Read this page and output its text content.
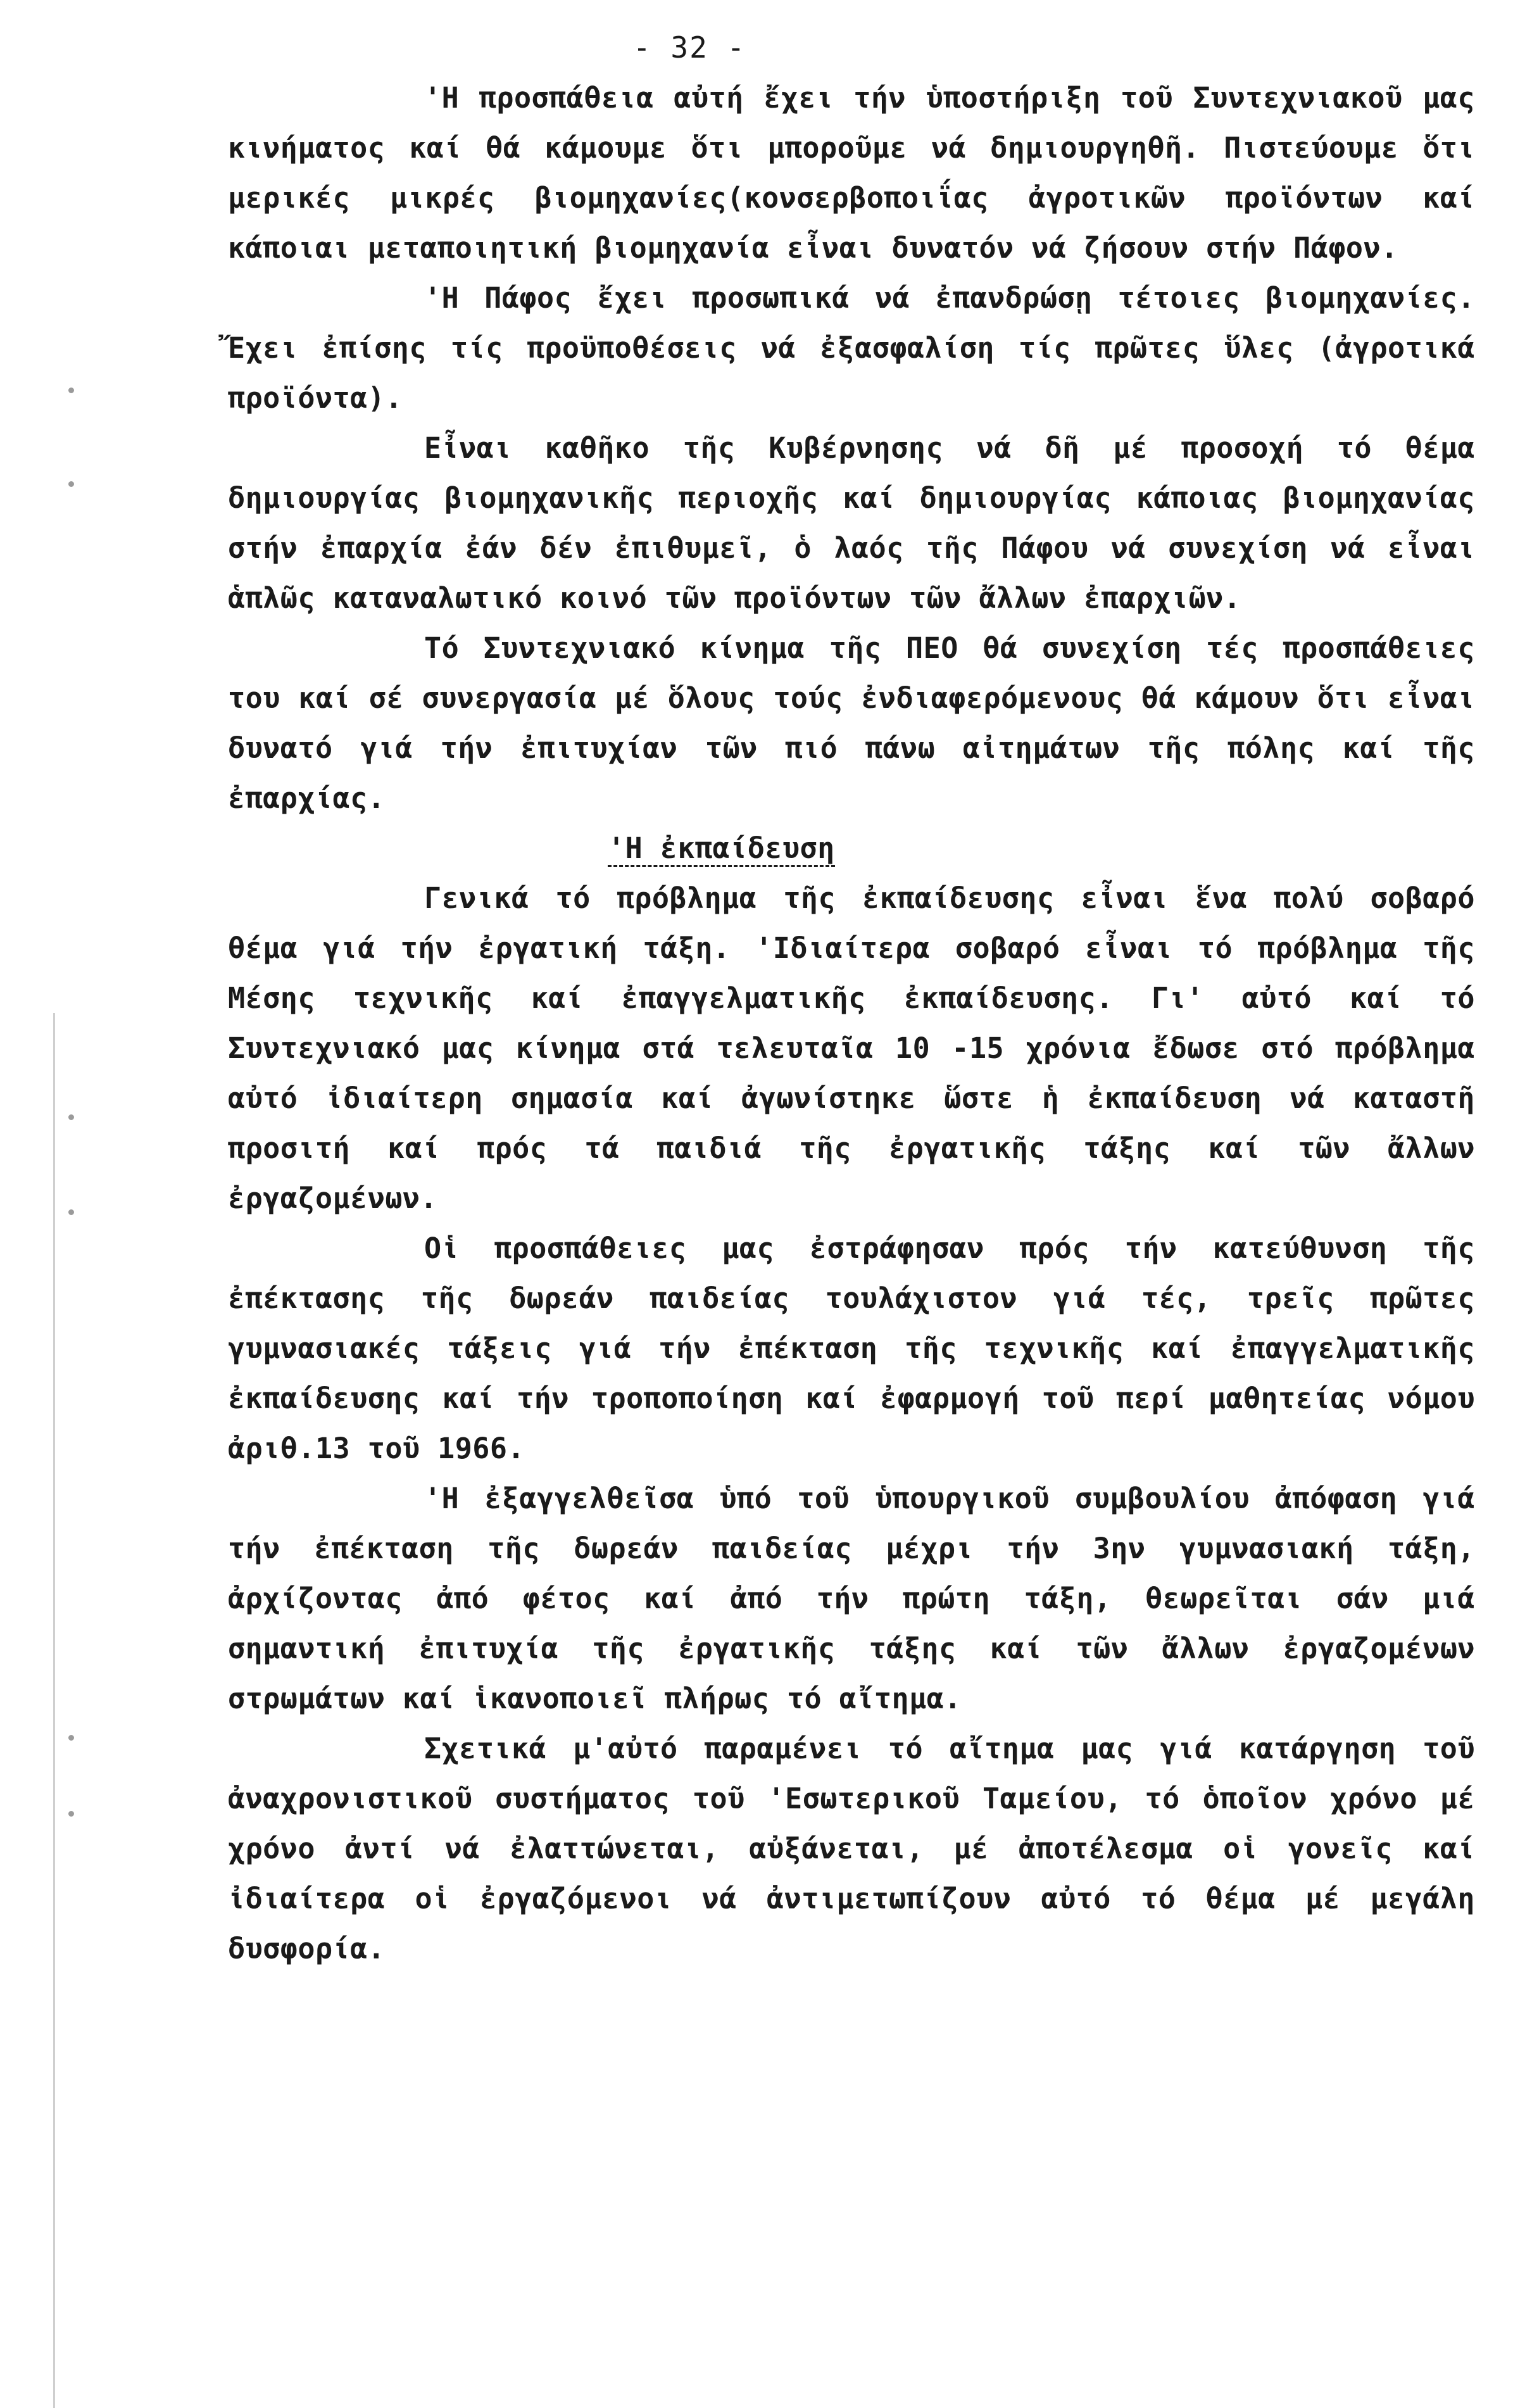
- 32 -

'Η προσπάθεια αὐτή ἔχει τήν ὑποστήριξη τοῦ Συντεχνιακοῦ μας κινήματος καί θά κάμουμε ὅτι μποροῦμε νά δημιουργηθῆ. Πιστεύουμε ὅτι μερικές μικρές βιομηχανίες(κονσερβοποιΐας ἀγροτικῶν προϊόντων καί κάποιαι μεταποιητική βιομηχανία εἶναι δυνατόν νά ζήσουν στήν Πάφον.

'Η Πάφος ἔχει προσωπικά νά ἐπανδρώσῃ τέτοιες βιομηχανίες. Ἔχει ἐπίσης τίς προϋποθέσεις νά ἐξασφαλίση τίς πρῶτες ὕλες (ἀγροτικά προϊόντα).

Εἶναι καθῆκο τῆς Κυβέρνησης νά δῆ μέ προσοχή τό θέμα δημιουργίας βιομηχανικῆς περιοχῆς καί δημιουργίας κάποιας βιομηχανίας στήν ἐπαρχία ἐάν δέν ἐπιθυμεῖ, ὁ λαός τῆς Πάφου νά συνεχίση νά εἶναι ἁπλῶς καταναλωτικό κοινό τῶν προϊόντων τῶν ἄλλων ἐπαρχιῶν.

Τό Συντεχνιακό κίνημα τῆς ΠΕΟ θά συνεχίση τές προσπάθειες του καί σέ συνεργασία μέ ὅλους τούς ἐνδιαφερόμενους θά κάμουν ὅτι εἶναι δυνατό γιά τήν ἐπιτυχίαν τῶν πιό πάνω αἰτημάτων τῆς πόλης καί τῆς ἐπαρχίας.

'Η ἐκπαίδευση

Γενικά τό πρόβλημα τῆς ἐκπαίδευσης εἶναι ἕνα πολύ σοβαρό θέμα γιά τήν ἐργατική τάξη. 'Ιδιαίτερα σοβαρό εἶναι τό πρόβλημα τῆς Μέσης τεχνικῆς καί ἐπαγγελματικῆς ἐκπαίδευσης. Γι' αὐτό καί τό Συντεχνιακό μας κίνημα στά τελευταῖα 10 -15 χρόνια ἔδωσε στό πρόβλημα αὐτό ἰδιαίτερη σημασία καί ἀγωνίστηκε ὥστε ἡ ἐκπαίδευση νά καταστῆ προσιτή καί πρός τά παιδιά τῆς ἐργατικῆς τάξης καί τῶν ἄλλων ἐργαζομένων.

Οἱ προσπάθειες μας ἐστράφησαν πρός τήν κατεύθυνση τῆς ἐπέκτασης τῆς δωρεάν παιδείας τουλάχιστον γιά τές, τρεῖς πρῶτες γυμνασιακές τάξεις γιά τήν ἐπέκταση τῆς τεχνικῆς καί ἐπαγγελματικῆς ἐκπαίδευσης καί τήν τροποποίηση καί ἐφαρμογή τοῦ περί μαθητείας νόμου ἀριθ.13 τοῦ 1966.

'Η ἐξαγγελθεῖσα ὑπό τοῦ ὑπουργικοῦ συμβουλίου ἀπόφαση γιά τήν ἐπέκταση τῆς δωρεάν παιδείας μέχρι τήν 3ην γυμνασιακή τάξη, ἀρχίζοντας ἀπό φέτος καί ἀπό τήν πρώτη τάξη, θεωρεῖται σάν μιά σημαντική ἐπιτυχία τῆς ἐργατικῆς τάξης καί τῶν ἄλλων ἐργαζομένων στρωμάτων καί ἱκανοποιεῖ πλήρως τό αἴτημα.

Σχετικά μ'αὐτό παραμένει τό αἴτημα μας γιά κατάργηση τοῦ ἀναχρονιστικοῦ συστήματος τοῦ 'Εσωτερικοῦ Ταμείου, τό ὁποῖον χρόνο μέ χρόνο ἀντί νά ἐλαττώνεται, αὐξάνεται, μέ ἀποτέλεσμα οἱ γονεῖς καί ἰδιαίτερα οἱ ἐργαζόμενοι νά ἀντιμετωπίζουν αὐτό τό θέμα μέ μεγάλη δυσφορία.
